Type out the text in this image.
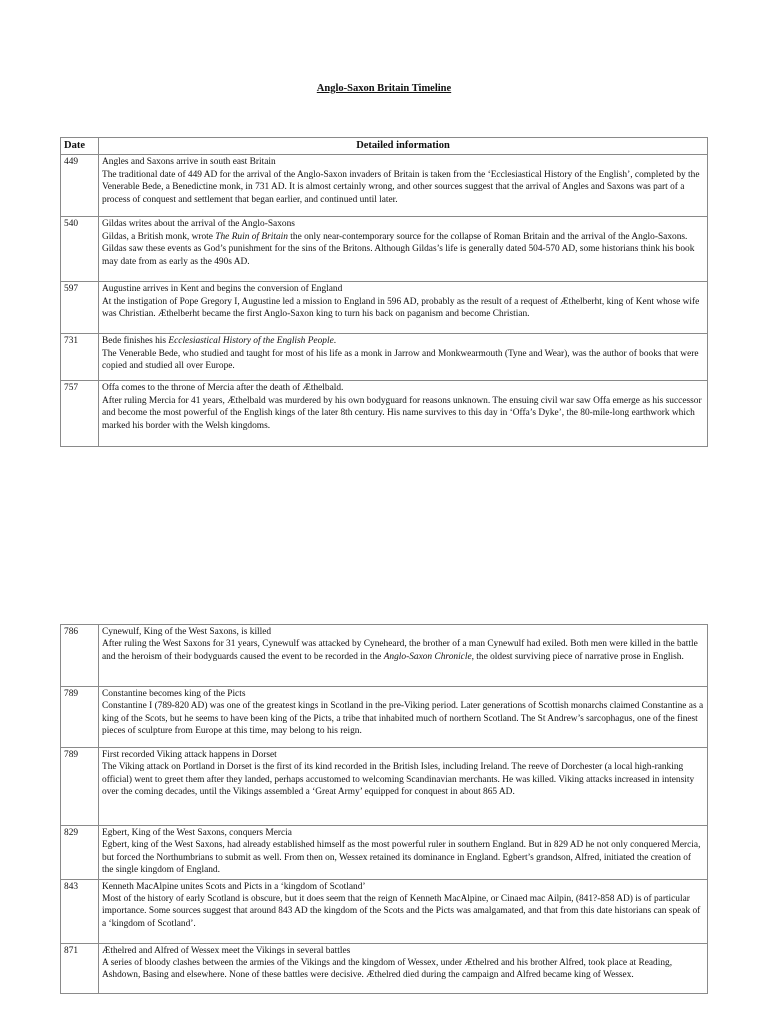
Anglo-Saxon Britain Timeline
Date	Detailed information
449	Angles and Saxons arrive in south east Britain
The traditional date of 449 AD for the arrival of the Anglo-Saxon invaders of Britain is taken from the ‘Ecclesiastical History of the English’, completed by the Venerable Bede, a Benedictine monk, in 731 AD. It is almost certainly wrong, and other sources suggest that the arrival of Angles and Saxons was part of a process of conquest and settlement that began earlier, and continued until later.

540	Gildas writes about the arrival of the Anglo-Saxons
Gildas, a British monk, wrote The Ruin of Britain the only near-contemporary source for the collapse of Roman Britain and the arrival of the Anglo-Saxons. Gildas saw these events as God’s punishment for the sins of the Britons. Although Gildas’s life is generally dated 504-570 AD, some historians think his book may date from as early as the 490s AD.

597	Augustine arrives in Kent and begins the conversion of England
At the instigation of Pope Gregory I, Augustine led a mission to England in 596 AD, probably as the result of a request of Æthelberht, king of Kent whose wife was Christian. Æthelberht became the first Anglo-Saxon king to turn his back on paganism and become Christian.

731	Bede finishes his Ecclesiastical History of the English People.
The Venerable Bede, who studied and taught for most of his life as a monk in Jarrow and Monkwearmouth (Tyne and Wear), was the author of books that were copied and studied all over Europe.

757	Offa comes to the throne of Mercia after the death of Æthelbald.
After ruling Mercia for 41 years, Æthelbald was murdered by his own bodyguard for reasons unknown. The ensuing civil war saw Offa emerge as his successor and become the most powerful of the English kings of the later 8th century. His name survives to this day in ‘Offa’s Dyke’, the 80-mile-long earthwork which marked his border with the Welsh kingdoms.
786	Cynewulf, King of the West Saxons, is killed
After ruling the West Saxons for 31 years, Cynewulf was attacked by Cyneheard, the brother of a man Cynewulf had exiled. Both men were killed in the battle and the heroism of their bodyguards caused the event to be recorded in the Anglo-Saxon Chronicle, the oldest surviving piece of narrative prose in English.

789	Constantine becomes king of the Picts
Constantine I (789-820 AD) was one of the greatest kings in Scotland in the pre-Viking period. Later generations of Scottish monarchs claimed Constantine as a king of the Scots, but he seems to have been king of the Picts, a tribe that inhabited much of northern Scotland. The St Andrew’s sarcophagus, one of the finest pieces of sculpture from Europe at this time, may belong to his reign.

789	First recorded Viking attack happens in Dorset
The Viking attack on Portland in Dorset is the first of its kind recorded in the British Isles, including Ireland. The reeve of Dorchester (a local high-ranking official) went to greet them after they landed, perhaps accustomed to welcoming Scandinavian merchants. He was killed. Viking attacks increased in intensity over the coming decades, until the Vikings assembled a ‘Great Army’ equipped for conquest in about 865 AD.

829	Egbert, King of the West Saxons, conquers Mercia
Egbert, king of the West Saxons, had already established himself as the most powerful ruler in southern England. But in 829 AD he not only conquered Mercia, but forced the Northumbrians to submit as well. From then on, Wessex retained its dominance in England. Egbert’s grandson, Alfred, initiated the creation of the single kingdom of England.

843	Kenneth MacAlpine unites Scots and Picts in a ‘kingdom of Scotland’
Most of the history of early Scotland is obscure, but it does seem that the reign of Kenneth MacAlpine, or Cinaed mac Ailpin, (841?-858 AD) is of particular importance. Some sources suggest that around 843 AD the kingdom of the Scots and the Picts was amalgamated, and that from this date historians can speak of a ‘kingdom of Scotland’.

871	Æthelred and Alfred of Wessex meet the Vikings in several battles
A series of bloody clashes between the armies of the Vikings and the kingdom of Wessex, under Æthelred and his brother Alfred, took place at Reading, Ashdown, Basing and elsewhere. None of these battles were decisive. Æthelred died during the campaign and Alfred became king of Wessex.
